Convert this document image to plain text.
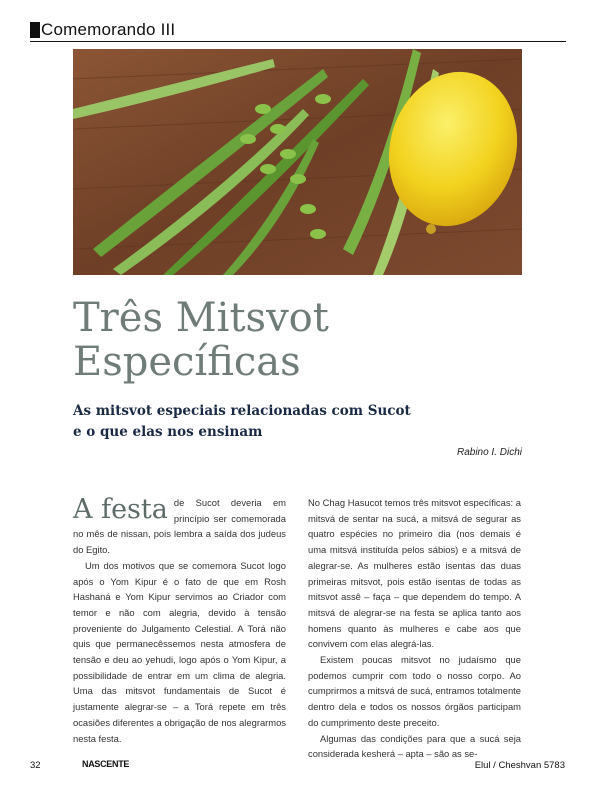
Comemorando III
Três Mitsvot
Específicas
As mitsvot especiais relacionadas com Sucot
e o que elas nos ensinam
Rabino I. Dichi

A festa de Sucot deveria em princípio ser comemorada no mês de nissan, pois lembra a saída dos judeus do Egito.

Um dos motivos que se comemora Sucot logo após o Yom Kipur é o fato de que em Rosh Hashaná e Yom Kipur servimos ao Criador com temor e não com alegria, devido à tensão proveniente do Julgamento Celestial. A Torá não quis que permanecêssemos nesta atmosfera de tensão e deu ao yehudi, logo após o Yom Kipur, a possibilidade de entrar em um clima de alegria. Uma das mitsvot fundamentais de Sucot é justamente alegrar-se – a Torá repete em três ocasiões diferentes a obrigação de nos alegrarmos nesta festa.

No Chag Hasucot temos três mitsvot específicas: a mitsvá de sentar na sucá, a mitsvá de segurar as quatro espécies no primeiro dia (nos demais é uma mitsvá instituída pelos sábios) e a mitsvá de alegrar-se. As mulheres estão isentas das duas primeiras mitsvot, pois estão isentas de todas as mitsvot assê – faça – que dependem do tempo. A mitsvá de alegrar-se na festa se aplica tanto aos homens quanto às mulheres e cabe aos que convivem com elas alegrá-las.

Existem poucas mitsvot no judaísmo que podemos cumprir com todo o nosso corpo. Ao cumprirmos a mitsvá de sucá, entramos totalmente dentro dela e todos os nossos órgãos participam do cumprimento deste preceito.

Algumas das condições para que a sucá seja considerada kesherá – apta – são as se-

32	NASCENTE	Elul / Cheshvan 5783
